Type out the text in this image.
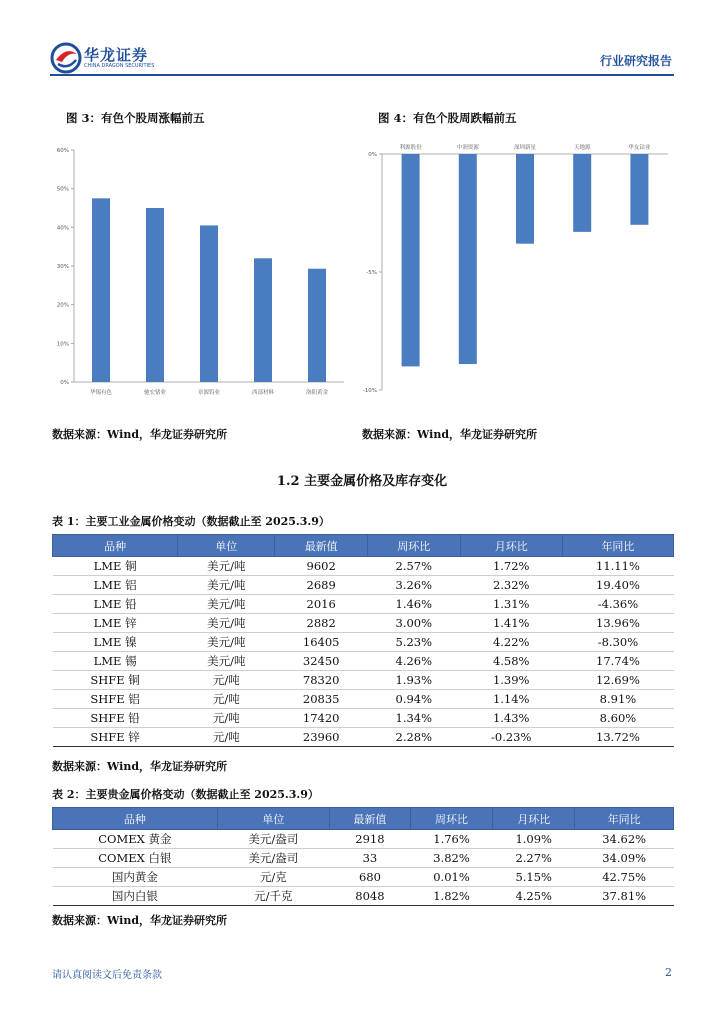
华龙证券
CHINA DRAGON SECURITIES	行业研究报告
图 3：有色个股周涨幅前五	图 4：有色个股周跌幅前五
0%
10%
20%
30%
40%
50%
60%
华锡有色	驰宏锗业	章源钨业	西部材料	洛阳黄金
0%
-5%
-10%
利源股份	中润资源	深圳新星	天地源	华友钴业
数据来源：Wind，华龙证券研究所	数据来源：Wind，华龙证券研究所
1.2 主要金属价格及库存变化
表 1：主要工业金属价格变动（数据截止至 2025.3.9）
品种	单位	最新值	周环比	月环比	年同比
LME 铜	美元/吨	9602	2.57%	1.72%	11.11%
LME 铝	美元/吨	2689	3.26%	2.32%	19.40%
LME 铅	美元/吨	2016	1.46%	1.31%	-4.36%
LME 锌	美元/吨	2882	3.00%	1.41%	13.96%
LME 镍	美元/吨	16405	5.23%	4.22%	-8.30%
LME 锡	美元/吨	32450	4.26%	4.58%	17.74%
SHFE 铜	元/吨	78320	1.93%	1.39%	12.69%
SHFE 铝	元/吨	20835	0.94%	1.14%	8.91%
SHFE 铅	元/吨	17420	1.34%	1.43%	8.60%
SHFE 锌	元/吨	23960	2.28%	-0.23%	13.72%
数据来源：Wind，华龙证券研究所
表 2：主要贵金属价格变动（数据截止至 2025.3.9）
品种	单位	最新值	周环比	月环比	年同比
COMEX 黄金	美元/盎司	2918	1.76%	1.09%	34.62%
COMEX 白银	美元/盎司	33	3.82%	2.27%	34.09%
国内黄金	元/克	680	0.01%	5.15%	42.75%
国内白银	元/千克	8048	1.82%	4.25%	37.81%
数据来源：Wind，华龙证券研究所
请认真阅读文后免责条款	2
